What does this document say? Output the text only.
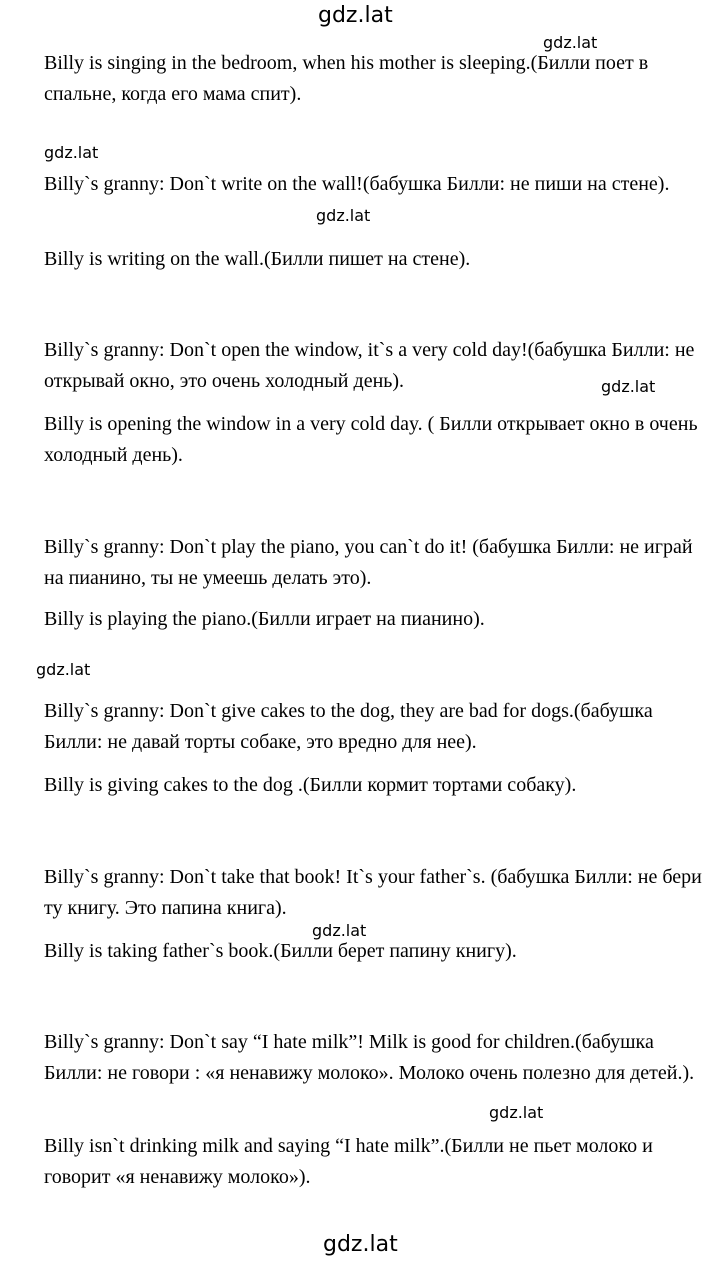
gdz.lat
gdz.lat

Billy is singing in the bedroom, when his mother is sleeping.(Билли поет в спальне, когда его мама спит).

gdz.lat

Billy`s granny: Don`t write on the wall!(бабушка Билли: не пиши на стене).

gdz.lat

Billy is writing on the wall.(Билли пишет на стене).

Billy`s granny: Don`t open the window, it`s a very cold day!(бабушка Билли: не открывай окно, это очень холодный день).	gdz.lat

Billy is opening the window in a very cold day. ( Билли открывает окно в очень холодный день).

Billy`s granny: Don`t play the piano, you can`t do it! (бабушка Билли: не играй на пианино, ты не умеешь делать это).

Billy is playing the piano.(Билли играет на пианино).

gdz.lat

Billy`s granny: Don`t give cakes to the dog, they are bad for dogs.(бабушка Билли: не давай торты собаке, это вредно для нее).

Billy is giving cakes to the dog .(Билли кормит тортами собаку).

Billy`s granny: Don`t take that book! It`s your father`s. (бабушка Билли: не бери ту книгу. Это папина книга).

gdz.lat

Billy is taking father`s book.(Билли берет папину книгу).

Billy`s granny: Don`t say “I hate milk”! Milk is good for children.(бабушка Билли: не говори : «я ненавижу молоко». Молоко очень полезно для детей.).

gdz.lat

Billy isn`t drinking milk and saying “I hate milk”.(Билли не пьет молоко и говорит «я ненавижу молоко»).

gdz.lat
